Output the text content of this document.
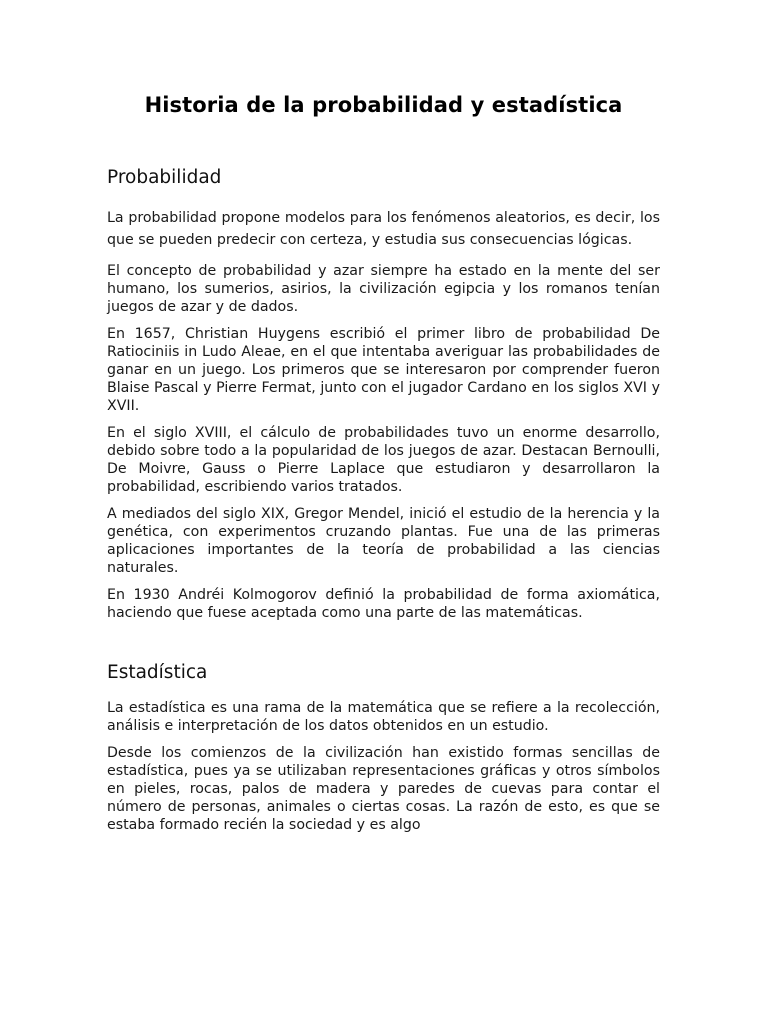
Historia de la probabilidad y estadística
Probabilidad

La probabilidad propone modelos para los fenómenos aleatorios, es decir, los que se pueden predecir con certeza, y estudia sus consecuencias lógicas.

El concepto de probabilidad y azar siempre ha estado en la mente del ser humano, los sumerios, asirios, la civilización egipcia y los romanos tenían juegos de azar y de dados.

En 1657, Christian Huygens escribió el primer libro de probabilidad De Ratiociniis in Ludo Aleae, en el que intentaba averiguar las probabilidades de ganar en un juego. Los primeros que se interesaron por comprender fueron Blaise Pascal y Pierre Fermat, junto con el jugador Cardano en los siglos XVI y XVII.

En el siglo XVIII, el cálculo de probabilidades tuvo un enorme desarrollo, debido sobre todo a la popularidad de los juegos de azar. Destacan Bernoulli, De Moivre, Gauss o Pierre Laplace que estudiaron y desarrollaron la probabilidad, escribiendo varios tratados.

A mediados del siglo XIX, Gregor Mendel, inició el estudio de la herencia y la genética, con experimentos cruzando plantas. Fue una de las primeras aplicaciones importantes de la teoría de probabilidad a las ciencias naturales.

En 1930 Andréi Kolmogorov definió la probabilidad de forma axiomática, haciendo que fuese aceptada como una parte de las matemáticas.

Estadística

La estadística es una rama de la matemática que se refiere a la recolección, análisis e interpretación de los datos obtenidos en un estudio.

Desde los comienzos de la civilización han existido formas sencillas de estadística, pues ya se utilizaban representaciones gráficas y otros símbolos en pieles, rocas, palos de madera y paredes de cuevas para contar el número de personas, animales o ciertas cosas. La razón de esto, es que se estaba formado recién la sociedad y es algo
